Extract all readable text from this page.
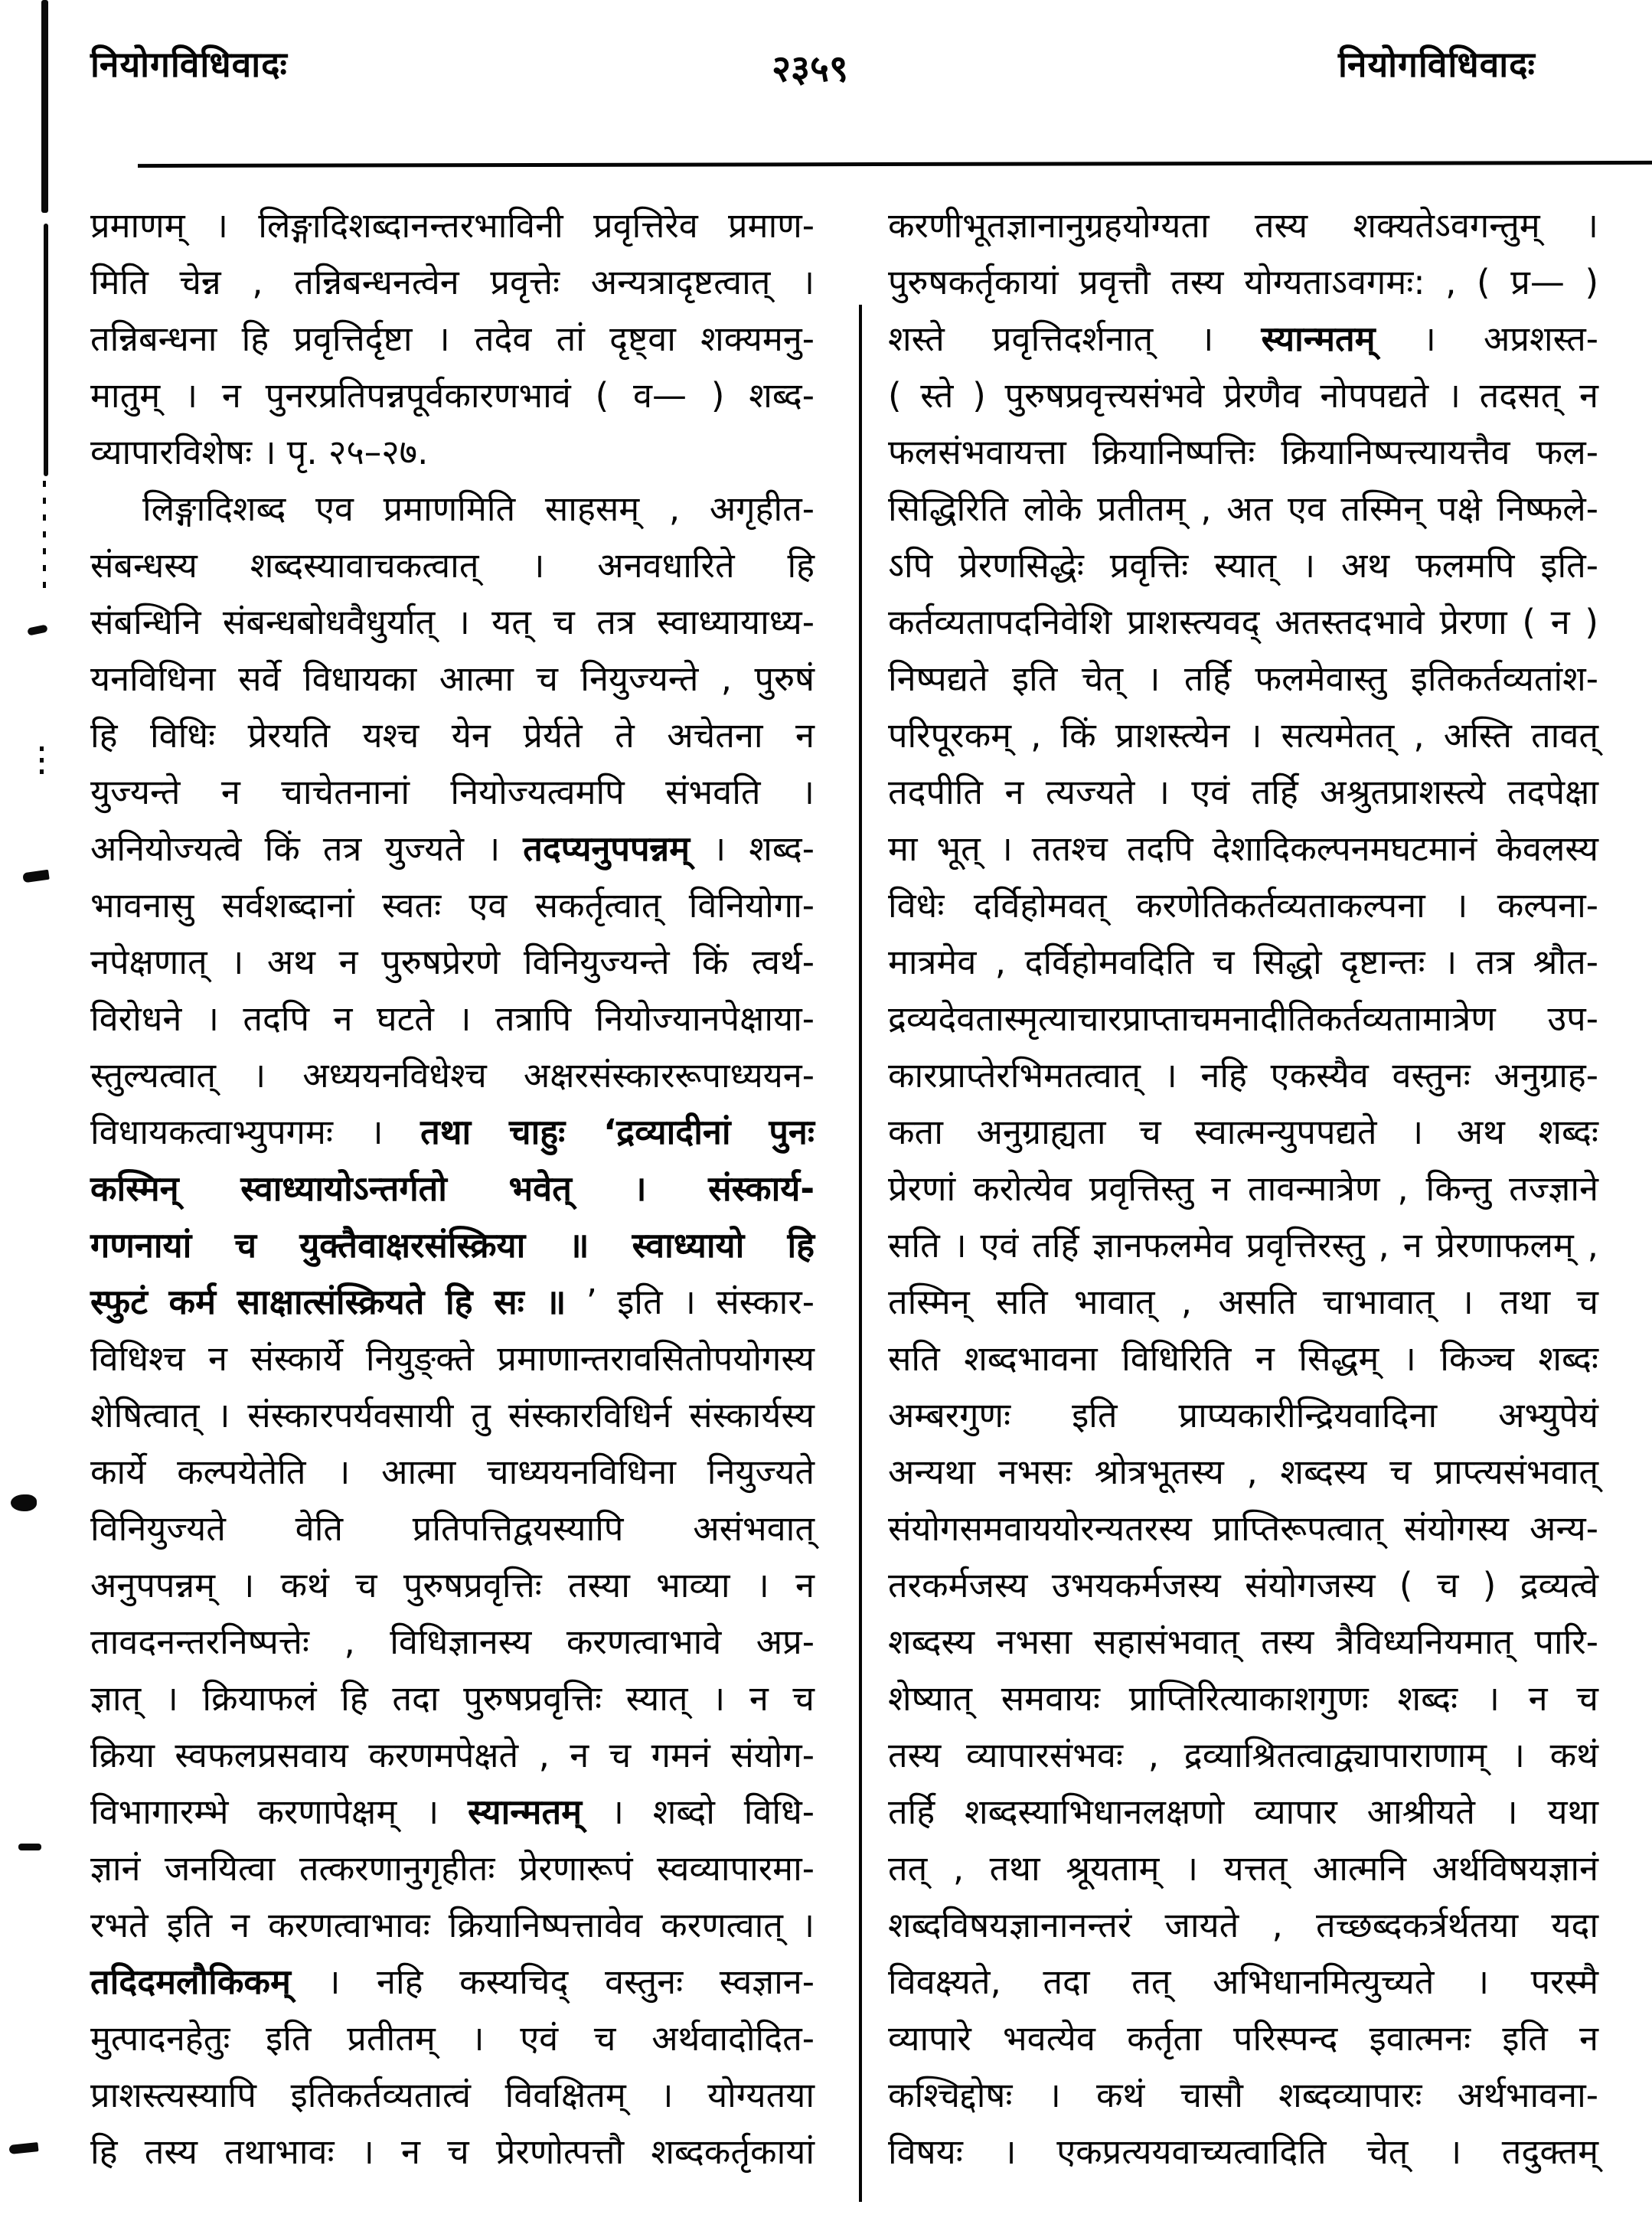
नियोगविधिवादः	२३५९	नियोगविधिवादः
प्रमाणम् । लिङ्गादिशब्दानन्तरभाविनी प्रवृत्तिरेव प्रमाण-
मिति चेन्न , तन्निबन्धनत्वेन प्रवृत्तेः अन्यत्रादृष्टत्वात् ।
तन्निबन्धना हि प्रवृत्तिर्दृष्टा । तदेव तां दृष्ट्वा शक्यमनु-
मातुम् । न पुनरप्रतिपन्नपूर्वकारणभावं ( व— ) शब्द-
व्यापारविशेषः । पृ. २५–२७.
लिङ्गादिशब्द एव प्रमाणमिति साहसम् , अगृहीत-
संबन्धस्य शब्दस्यावाचकत्वात् । अनवधारिते हि
संबन्धिनि संबन्धबोधवैधुर्यात् । यत् च तत्र स्वाध्यायाध्य-
यनविधिना सर्वे विधायका आत्मा च नियुज्यन्ते , पुरुषं
हि विधिः प्रेरयति यश्च येन प्रेर्यते ते अचेतना न
युज्यन्ते न चाचेतनानां नियोज्यत्वमपि संभवति ।
अनियोज्यत्वे किं तत्र युज्यते । तदप्यनुपपन्नम् । शब्द-
भावनासु सर्वशब्दानां स्वतः एव सकर्तृत्वात् विनियोगा-
नपेक्षणात् । अथ न पुरुषप्रेरणे विनियुज्यन्ते किं त्वर्थ-
विरोधने । तदपि न घटते । तत्रापि नियोज्यानपेक्षाया-
स्तुल्यत्वात् । अध्ययनविधेश्च अक्षरसंस्काररूपाध्ययन-
विधायकत्वाभ्युपगमः । तथा चाहुः ‘द्रव्यादीनां पुनः
कस्मिन् स्वाध्यायोऽन्तर्गतो भवेत् । संस्कार्य-
गणनायां च युक्तैवाक्षरसंस्क्रिया ॥ स्वाध्यायो हि
स्फुटं कर्म साक्षात्संस्क्रियते हि सः ॥ ’ इति । संस्कार-
विधिश्च न संस्कार्ये नियुङ्क्ते प्रमाणान्तरावसितोपयोगस्य
शेषित्वात् । संस्कारपर्यवसायी तु संस्कारविधिर्न संस्कार्यस्य
कार्ये कल्पयेतेति । आत्मा चाध्ययनविधिना नियुज्यते
विनियुज्यते वेति प्रतिपत्तिद्वयस्यापि असंभवात्
अनुपपन्नम् । कथं च पुरुषप्रवृत्तिः तस्या भाव्या । न
तावदनन्तरनिष्पत्तेः , विधिज्ञानस्य करणत्वाभावे अप्र-
ज्ञात् । क्रियाफलं हि तदा पुरुषप्रवृत्तिः स्यात् । न च
क्रिया स्वफलप्रसवाय करणमपेक्षते , न च गमनं संयोग-
विभागारम्भे करणापेक्षम् । स्यान्मतम् । शब्दो विधि-
ज्ञानं जनयित्वा तत्करणानुगृहीतः प्रेरणारूपं स्वव्यापारमा-
रभते इति न करणत्वाभावः क्रियानिष्पत्तावेव करणत्वात् ।
तदिदमलौकिकम् । नहि कस्यचिद् वस्तुनः स्वज्ञान-
मुत्पादनहेतुः इति प्रतीतम् । एवं च अर्थवादोदित-
प्राशस्त्यस्यापि इतिकर्तव्यतात्वं विवक्षितम् । योग्यतया
हि तस्य तथाभावः । न च प्रेरणोत्पत्तौ शब्दकर्तृकायां
करणीभूतज्ञानानुग्रहयोग्यता तस्य शक्यतेऽवगन्तुम् ।
पुरुषकर्तृकायां प्रवृत्तौ तस्य योग्यताऽवगमः: , ( प्र— )
शस्ते प्रवृत्तिदर्शनात् । स्यान्मतम् । अप्रशस्त-
( स्ते ) पुरुषप्रवृत्त्यसंभवे प्रेरणैव नोपपद्यते । तदसत् न
फलसंभवायत्ता क्रियानिष्पत्तिः क्रियानिष्पत्त्यायत्तैव फल-
सिद्धिरिति लोके प्रतीतम् , अत एव तस्मिन् पक्षे निष्फले-
ऽपि प्रेरणसिद्धेः प्रवृत्तिः स्यात् । अथ फलमपि इति-
कर्तव्यतापदनिवेशि प्राशस्त्यवद् अतस्तदभावे प्रेरणा ( न )
निष्पद्यते इति चेत् । तर्हि फलमेवास्तु इतिकर्तव्यतांश-
परिपूरकम् , किं प्राशस्त्येन । सत्यमेतत् , अस्ति तावत्
तदपीति न त्यज्यते । एवं तर्हि अश्रुतप्राशस्त्ये तदपेक्षा
मा भूत् । ततश्च तदपि देशादिकल्पनमघटमानं केवलस्य
विधेः दर्विहोमवत् करणेतिकर्तव्यताकल्पना । कल्पना-
मात्रमेव , दर्विहोमवदिति च सिद्धो दृष्टान्तः । तत्र श्रौत-
द्रव्यदेवतास्मृत्याचारप्राप्ताचमनादीतिकर्तव्यतामात्रेण उप-
कारप्राप्तेरभिमतत्वात् । नहि एकस्यैव वस्तुनः अनुग्राह-
कता अनुग्राह्यता च स्वात्मन्युपपद्यते । अथ शब्दः
प्रेरणां करोत्येव प्रवृत्तिस्तु न तावन्मात्रेण , किन्तु तज्ज्ञाने
सति । एवं तर्हि ज्ञानफलमेव प्रवृत्तिरस्तु , न प्रेरणाफलम् ,
तस्मिन् सति भावात् , असति चाभावात् । तथा च
सति शब्दभावना विधिरिति न सिद्धम् । किञ्च शब्दः
अम्बरगुणः इति प्राप्यकारीन्द्रियवादिना अभ्युपेयं
अन्यथा नभसः श्रोत्रभूतस्य , शब्दस्य च प्राप्त्यसंभवात्
संयोगसमवाययोरन्यतरस्य प्राप्तिरूपत्वात् संयोगस्य अन्य-
तरकर्मजस्य उभयकर्मजस्य संयोगजस्य ( च ) द्रव्यत्वे
शब्दस्य नभसा सहासंभवात् तस्य त्रैविध्यनियमात् पारि-
शेष्यात् समवायः प्राप्तिरित्याकाशगुणः शब्दः । न च
तस्य व्यापारसंभवः , द्रव्याश्रितत्वाद्व्यापाराणाम् । कथं
तर्हि शब्दस्याभिधानलक्षणो व्यापार आश्रीयते । यथा
तत् , तथा श्रूयताम् । यत्तत् आत्मनि अर्थविषयज्ञानं
शब्दविषयज्ञानानन्तरं जायते , तच्छब्दकर्त्रर्थतया यदा
विवक्ष्यते, तदा तत् अभिधानमित्युच्यते । परस्मै
व्यापारे भवत्येव कर्तृता परिस्पन्द इवात्मनः इति न
कश्चिद्दोषः । कथं चासौ शब्दव्यापारः अर्थभावना-
विषयः । एकप्रत्ययवाच्यत्वादिति चेत् । तदुक्तम्
